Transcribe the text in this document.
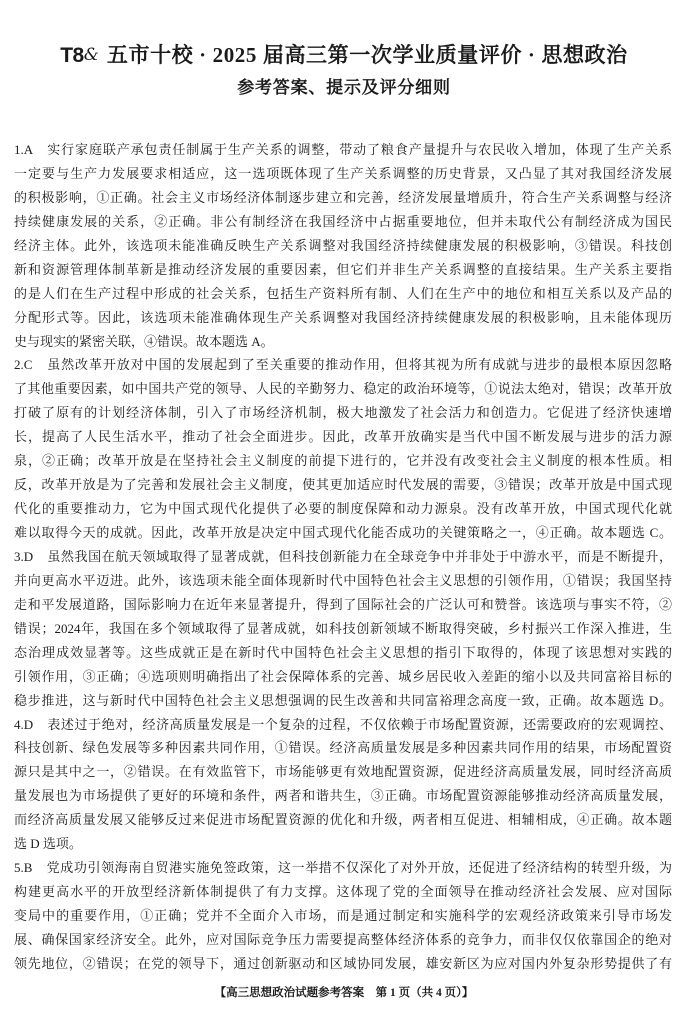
T8& 五市十校 · 2025 届高三第一次学业质量评价 · 思想政治
参考答案、提示及评分细则
1.A　实行家庭联产承包责任制属于生产关系的调整，带动了粮食产量提升与农民收入增加，体现了生产关系
一定要与生产力发展要求相适应，这一选项既体现了生产关系调整的历史背景，又凸显了其对我国经济发展
的积极影响，①正确。社会主义市场经济体制逐步建立和完善，经济发展量增质升，符合生产关系调整与经济
持续健康发展的关系，②正确。非公有制经济在我国经济中占据重要地位，但并未取代公有制经济成为国民
经济主体。此外，该选项未能准确反映生产关系调整对我国经济持续健康发展的积极影响，③错误。科技创
新和资源管理体制革新是推动经济发展的重要因素，但它们并非生产关系调整的直接结果。生产关系主要指
的是人们在生产过程中形成的社会关系，包括生产资料所有制、人们在生产中的地位和相互关系以及产品的
分配形式等。因此，该选项未能准确体现生产关系调整对我国经济持续健康发展的积极影响，且未能体现历
史与现实的紧密关联，④错误。故本题选 A。
2.C　虽然改革开放对中国的发展起到了至关重要的推动作用，但将其视为所有成就与进步的最根本原因忽略
了其他重要因素，如中国共产党的领导、人民的辛勤努力、稳定的政治环境等，①说法太绝对，错误；改革开放
打破了原有的计划经济体制，引入了市场经济机制，极大地激发了社会活力和创造力。它促进了经济快速增
长，提高了人民生活水平，推动了社会全面进步。因此，改革开放确实是当代中国不断发展与进步的活力源
泉，②正确；改革开放是在坚持社会主义制度的前提下进行的，它并没有改变社会主义制度的根本性质。相
反，改革开放是为了完善和发展社会主义制度，使其更加适应时代发展的需要，③错误；改革开放是中国式现
代化的重要推动力，它为中国式现代化提供了必要的制度保障和动力源泉。没有改革开放，中国式现代化就
难以取得今天的成就。因此，改革开放是决定中国式现代化能否成功的关键策略之一，④正确。故本题选 C。
3.D　虽然我国在航天领域取得了显著成就，但科技创新能力在全球竞争中并非处于中游水平，而是不断提升，
并向更高水平迈进。此外，该选项未能全面体现新时代中国特色社会主义思想的引领作用，①错误；我国坚持
走和平发展道路，国际影响力在近年来显著提升，得到了国际社会的广泛认可和赞誉。该选项与事实不符，②
错误；2024年，我国在多个领域取得了显著成就，如科技创新领域不断取得突破，乡村振兴工作深入推进，生
态治理成效显著等。这些成就正是在新时代中国特色社会主义思想的指引下取得的，体现了该思想对实践的
引领作用，③正确；④选项则明确指出了社会保障体系的完善、城乡居民收入差距的缩小以及共同富裕目标的
稳步推进，这与新时代中国特色社会主义思想强调的民生改善和共同富裕理念高度一致，正确。故本题选 D。
4.D　表述过于绝对，经济高质量发展是一个复杂的过程，不仅依赖于市场配置资源，还需要政府的宏观调控、
科技创新、绿色发展等多种因素共同作用，①错误。经济高质量发展是多种因素共同作用的结果，市场配置资
源只是其中之一，②错误。在有效监管下，市场能够更有效地配置资源，促进经济高质量发展，同时经济高质
量发展也为市场提供了更好的环境和条件，两者和谐共生，③正确。市场配置资源能够推动经济高质量发展，
而经济高质量发展又能够反过来促进市场配置资源的优化和升级，两者相互促进、相辅相成，④正确。故本题
选 D 选项。
5.B　党成功引领海南自贸港实施免签政策，这一举措不仅深化了对外开放，还促进了经济结构的转型升级，为
构建更高水平的开放型经济新体制提供了有力支撑。这体现了党的全面领导在推动经济社会发展、应对国际
变局中的重要作用，①正确；党并不全面介入市场，而是通过制定和实施科学的宏观经济政策来引导市场发
展、确保国家经济安全。此外，应对国际竞争压力需要提高整体经济体系的竞争力，而非仅仅依靠国企的绝对
领先地位，②错误；在党的领导下，通过创新驱动和区域协同发展，雄安新区为应对国内外复杂形势提供了有
【高三思想政治试题参考答案　第 1 页（共 4 页）】
